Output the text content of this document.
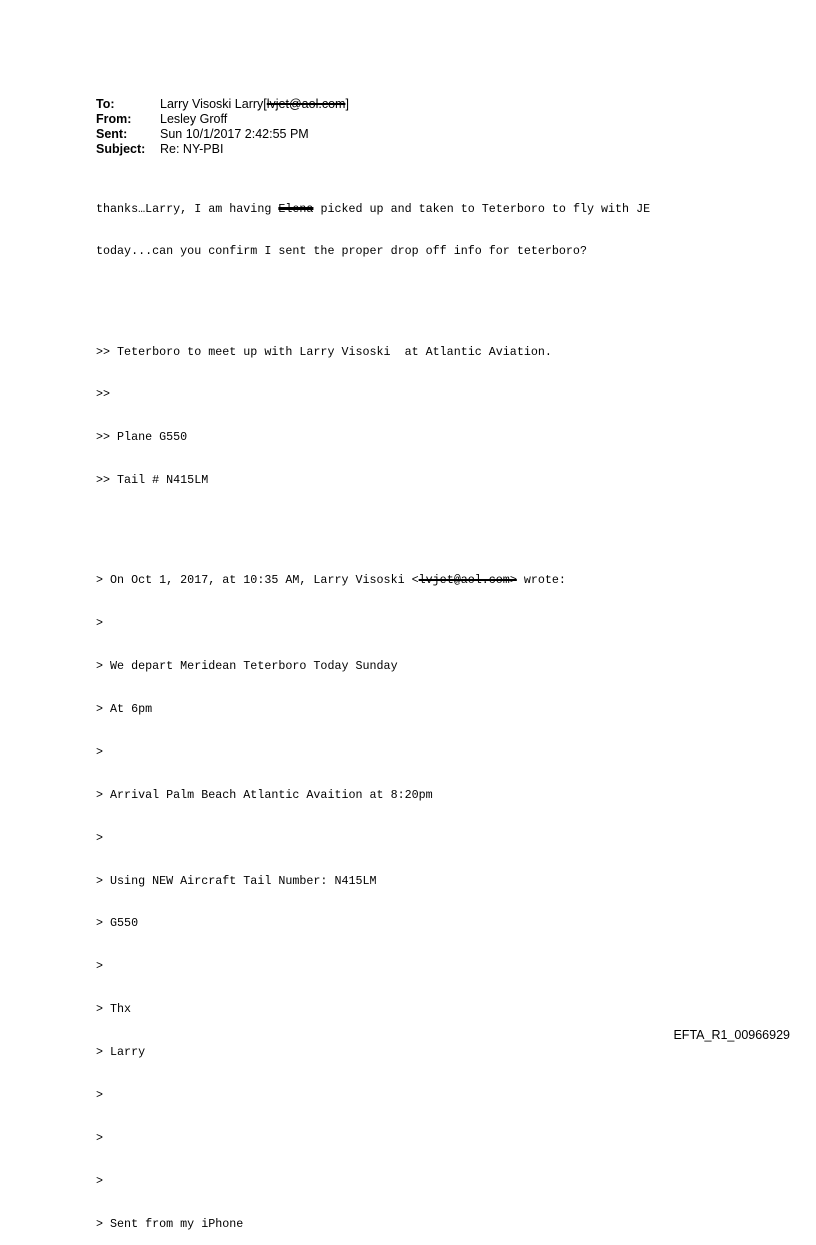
To:	Larry Visoski Larry[lvjet@aol.com]
From:	Lesley Groff
Sent:	Sun 10/1/2017 2:42:55 PM
Subject:	Re: NY-PBI

thanks…Larry, I am having Elena picked up and taken to Teterboro to fly with JE

today...can you confirm I sent the proper drop off info for teterboro?

>> Teterboro to meet up with Larry Visoski  at Atlantic Aviation.

>>

>> Plane G550

>> Tail # N415LM

> On Oct 1, 2017, at 10:35 AM, Larry Visoski <lvjet@aol.com> wrote:

>

> We depart Meridean Teterboro Today Sunday

> At 6pm

>

> Arrival Palm Beach Atlantic Avaition at 8:20pm

>

> Using NEW Aircraft Tail Number: N415LM

> G550

>

> Thx

> Larry

>

>

>

> Sent from my iPhone

EFTA_R1_00966929
